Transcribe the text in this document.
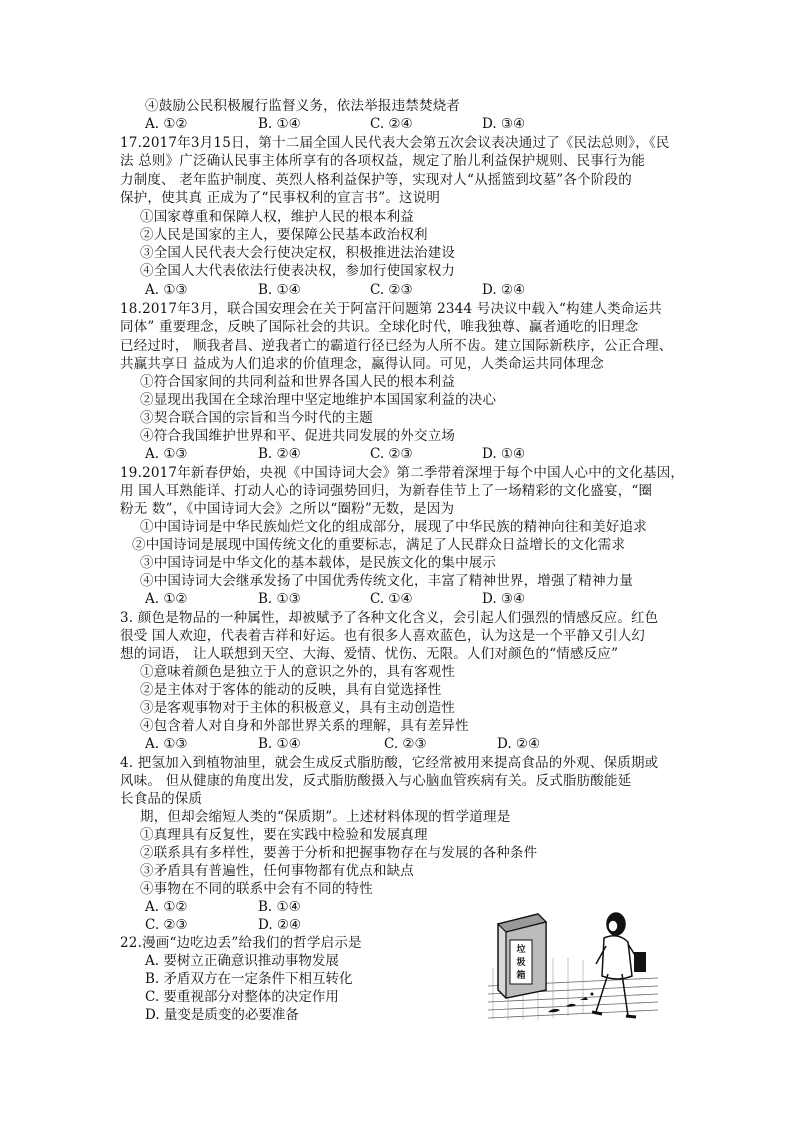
④鼓励公民积极履行监督义务，依法举报违禁焚烧者
A. ①②	B. ①④	C. ②④	D. ③④
17.2017年3月15日，第十二届全国人民代表大会第五次会议表决通过了《民法总则》，《民
法 总则》广泛确认民事主体所享有的各项权益，规定了胎儿利益保护规则、民事行为能
力制度、 老年监护制度、英烈人格利益保护等，实现对人“从摇篮到坟墓”各个阶段的
保护，使其真 正成为了“民事权利的宣言书”。这说明
①国家尊重和保障人权，维护人民的根本利益
②人民是国家的主人，要保障公民基本政治权利
③全国人民代表大会行使决定权，积极推进法治建设
④全国人大代表依法行使表决权，参加行使国家权力
A. ①③	B. ①④	C. ②③	D. ②④
18.2017年3月，联合国安理会在关于阿富汗问题第 2344 号决议中载入“构建人类命运共
同体” 重要理念，反映了国际社会的共识。全球化时代，唯我独尊、赢者通吃的旧理念
已经过时， 顺我者昌、逆我者亡的霸道行径已经为人所不齿。建立国际新秩序，公正合理、
共赢共享日 益成为人们追求的价值理念，赢得认同。可见，人类命运共同体理念
①符合国家间的共同利益和世界各国人民的根本利益
②显现出我国在全球治理中坚定地维护本国国家利益的决心
③契合联合国的宗旨和当今时代的主题
④符合我国维护世界和平、促进共同发展的外交立场
A. ①③	B. ②④	C. ②③	D. ①④
19.2017年新春伊始，央视《中国诗词大会》第二季带着深埋于每个中国人心中的文化基因，
用 国人耳熟能详、打动人心的诗词强势回归，为新春佳节上了一场精彩的文化盛宴，“圈
粉无 数”，《中国诗词大会》之所以“圈粉”无数，是因为
①中国诗词是中华民族灿烂文化的组成部分，展现了中华民族的精神向往和美好追求
②中国诗词是展现中国传统文化的重要标志，满足了人民群众日益增长的文化需求
③中国诗词是中华文化的基本载体，是民族文化的集中展示
④中国诗词大会继承发扬了中国优秀传统文化，丰富了精神世界，增强了精神力量
A. ①②	B. ①③	C. ①④	D. ③④
3. 颜色是物品的一种属性，却被赋予了各种文化含义，会引起人们强烈的情感反应。红色
很受 国人欢迎，代表着吉祥和好运。也有很多人喜欢蓝色，认为这是一个平静又引人幻
想的词语， 让人联想到天空、大海、爱情、忧伤、无限。人们对颜色的“情感反应”
①意味着颜色是独立于人的意识之外的，具有客观性
②是主体对于客体的能动的反映，具有自觉选择性
③是客观事物对于主体的积极意义，具有主动创造性
④包含着人对自身和外部世界关系的理解，具有差异性
A. ①③	B. ①④	C. ②③	D. ②④
4. 把氢加入到植物油里，就会生成反式脂肪酸，它经常被用来提高食品的外观、保质期或
风味。 但从健康的角度出发，反式脂肪酸摄入与心脑血管疾病有关。反式脂肪酸能延
长食品的保质
期，但却会缩短人类的“保质期”。上述材料体现的哲学道理是
①真理具有反复性，要在实践中检验和发展真理
②联系具有多样性，要善于分析和把握事物存在与发展的各种条件
③矛盾具有普遍性，任何事物都有优点和缺点
④事物在不同的联系中会有不同的特性
A. ①②	B. ①④
C. ②③	D. ②④
22.漫画“边吃边丢”给我们的哲学启示是
A. 要树立正确意识推动事物发展
B. 矛盾双方在一定条件下相互转化
C. 要重视部分对整体的决定作用
D. 量变是质变的必要准备
垃
圾
箱
